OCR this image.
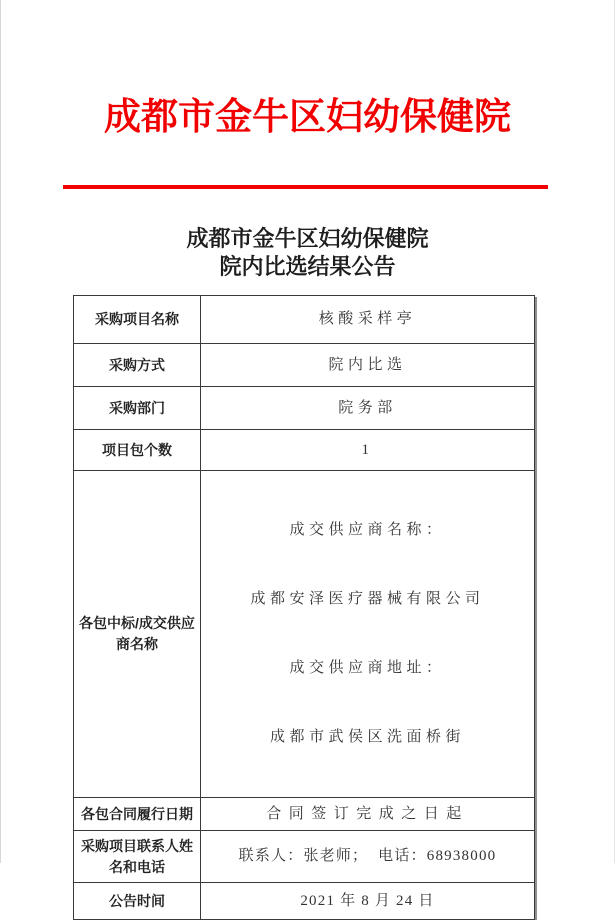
成都市金牛区妇幼保健院
成都市金牛区妇幼保健院
院内比选结果公告
采购项目名称	核酸采样亭
采购方式	院内比选
采购部门	院务部
项目包个数	1
各包中标/成交供应商名称	成交供应商名称：

成都安泽医疗器械有限公司

成交供应商地址：

成都市武侯区洗面桥街

各包合同履行日期	合同签订完成之日起
采购项目联系人姓名和电话	联系人：张老师；  电话：68938000
公告时间	2021 年 8 月 24 日
